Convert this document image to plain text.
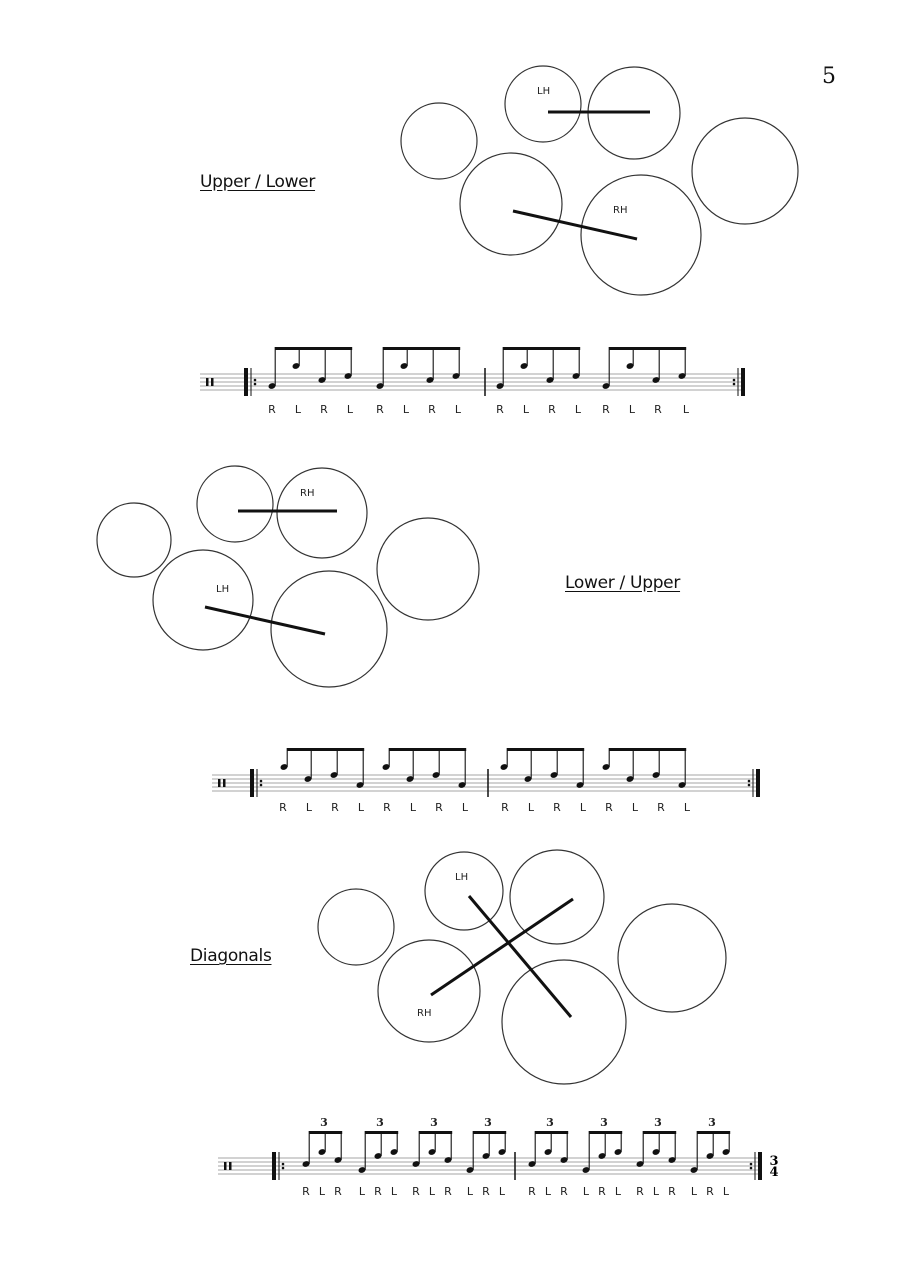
5
Upper / Lower
Lower / Upper
Diagonals
LH
RH
RH
LH
LH
RH
R L R L R L R L	R L R L R L R L
R L R L R L R L	R L R L R L R L
3	3	3	3	3	3	3	3
R L R L R L R L R L R L R L R L R L R L R L R L
3
4
